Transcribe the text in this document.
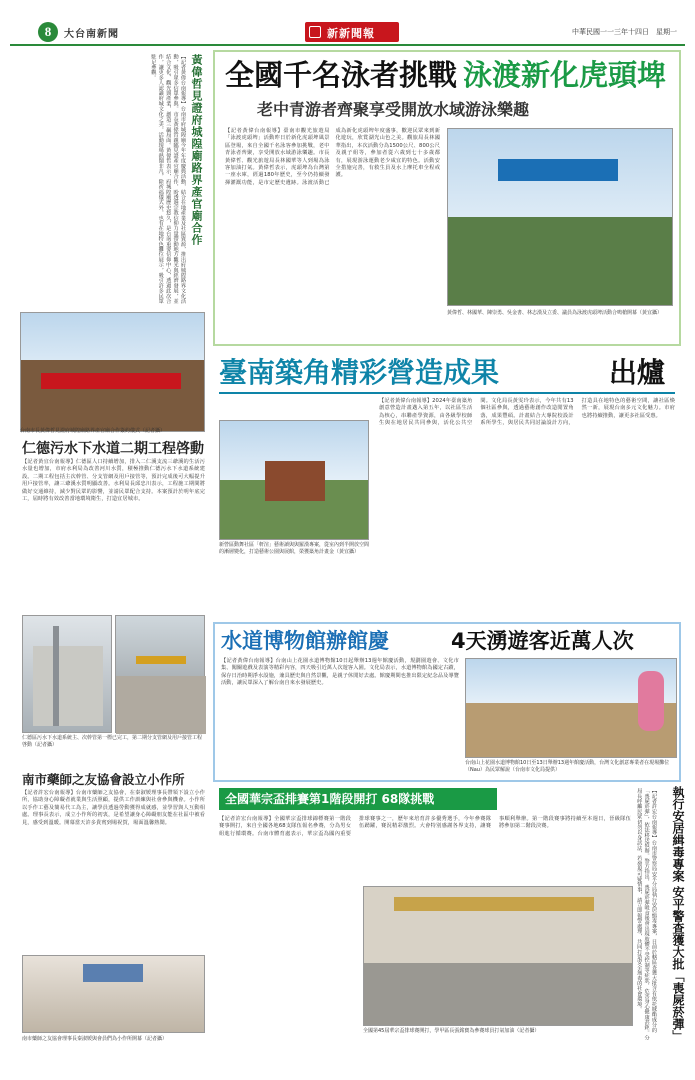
8	大台南新聞	新新聞報	中華民國一一三年十四日　星期一
黃偉哲見證府城隍廟路界產官廟合作
【記者黃偉台南報導】台南市府城隍廟今年年度慶典活動，結合在地產業及社區資源，推出府城隍路界文化活動，吸引眾多信眾參與。市長黃偉哲親臨見證產官廟合作，盼透過宗教信仰力量帶動地方觀光與經濟發展，並結合文化、觀光與產業，創造三贏局面。黃偉哲表示，府城隍廟歷史悠久，是台南重要信仰中心，透過此次合作，讓更多人認識府城文化之美。活動現場熱鬧非凡，除祈福儀式外，也有在地特色攤位展示，吸引許多民眾駐足參觀。
台南市長黃偉哲見證府城隍廟路界產官廟合作簽約儀式（記者攝）
仁德污水下水道二期工程啓動
【記者黃宜台南報導】仁德區人口持續增加，排入二仁溪支流三爺溪的生活污水量也增加，市府水利局為改善河川水質，積極推動仁德污水下水道系統建設。二期工程包括主次幹管、分支管網及用戶接管等，預計完成後可大幅提升用戶接管率，讓三爺溪水質明顯改善。水利局長邱忠川表示，工程施工期間將做好交通維持，減少對民眾的影響，並請民眾配合支持。本案預計於明年底完工，屆時將有效改善當地環境衛生，打造宜居城市。
仁德區污水下水道系統主、次幹管第一標已完工，第二期分支管網及用戶接管工程啓動（記者攝）
南市藥師之友協會設立小作所
【記者許宏台南報導】台南市藥師之友協會，在秦淑媛理事長帶領下設立小作所，協助身心障礙者就業與生活照顧，提供工作訓練與社會參與機會。小作所以手作工藝及簡易代工為主，讓學員透過勞動獲得成就感，並學習與人互動相處。理事長表示，成立小作所的初衷，是希望讓身心障礙朋友能在社區中被看見，感受到溫暖。開幕當天許多貴賓到場祝賀，場面溫馨熱鬧。
南市藥師之友協會理事長秦淑媛與會員們為小作所開幕（記者攝）
全國千名泳者挑戰 泳渡新化虎頭埤
老中青游者齊聚享受開放水域游泳樂趣
【記者黃偉台南報導】臺南市觀光旅遊局「泳渡虎頭埤」活動昨日於新化虎頭埤風景區登場，來自全國千名泳客參加挑戰，老中青泳者齊聚，享受開放水域游泳樂趣。市長黃偉哲、觀光旅遊局長林國華等人到場為泳客加油打氣。黃偉哲表示，虎頭埤為台灣第一座水庫，經過180年歷史，至今仍持續發揮灌溉功能，是市定歷史遺跡。泳渡活動已成為新化虎頭埤年度盛事，歡迎民眾來到新化遊玩，欣賞湖光山色之美。觀旅局長林國華指出，本次活動分為1500公尺、800公尺及親子組等，參加者從六歲到七十多歲都有，展現游泳運動老少咸宜的特色。活動安全措施完善，有救生員及水上摩托車全程戒護。
黃偉哲、林國華、陳崇勇、吳金書、林志漢及立委、議員為泳渡虎頭埤活動合鳴槍開幕（黃宜攝）
臺南築角精彩營造成果	出爐
【記者黃偉台南報導】2024年臺南築角創意營造計畫邁入第五年，以社區生活為核心，串聯產學資源，由各級學校師生與在地居民共同參與，活化公共空間。文化局長黃雯玲表示，今年共有13個社區參與，透過藝術創作改造閒置角落，成果豐碩。計畫結合大專院校設計系所學生，與居民共同討論設計方向，打造具在地特色的藝術空間，讓社區煥然一新，展現台南多元文化魅力。市府也將持續推動，讓更多社區受惠。
新營區動舞社區「軒渲」藝術讀與與羅漢專案，從室內到半開放空間的漸層變化，打造藝術公園與展館，榮獲築角計畫金（黃宜攝）
水道博物館辦館慶	4天湧遊客近萬人次
【記者黃偉台南報導】台南山上花園水道博物館10日起舉辦13週年館慶活動，規劃園遊會、文化市集、闖關遊戲及表演等精彩內容，四天吸引近萬人次遊客入園。文化局表示，水道博物館為國定古蹟，保存日治時期淨水設施，兼具歷史與自然景觀，是親子休閒好去處。館慶期間也推出限定紀念品及導覽活動，讓民眾深入了解台南自來水發展歷史。
台南山上花園水道博物館10日至13日舉辦13週年館慶活動，台灣文化創意專業者在現場攤位（Nau）為民眾解說（台南市文化局提供）
全國華宗盃排賽第1階段開打 68隊挑戰
【記者許宏台南報導】全國華宗盃排球錦標賽第一階段賽事開打，來自全國各地68支隊伍報名參賽，分為男女組進行循環賽。台南市體育處表示，華宗盃為國內重要排球賽事之一，歷年來培育許多優秀選手，今年參賽隊伍踴躍，賽況精彩激烈。大會特別感謝各界支持，讓賽事順利舉辦。第一階段賽事將持續至本週日，晉級隊伍將參加第二階段決賽。
全國第45屆華宗盃排球賽開打，學甲區長張銘寶為參賽球員打氣加油（記者攝）	執行安居緝毒專案 安平警查獲大批「喪屍菸彈」
【記者許宏台南報導】台南市警察局安平分局執行安居緝毒專案，日前於轄區查獲大批含有依托咪酯成分的「喪屍菸彈」，依法移送偵辦。警方指出，喪屍菸彈吸食後會出現肢體不受控制等症狀，危害身心健康甚鉅。分局長呼籲民眾切勿以身試法，若發現可疑情事，請立即報警處理，共同打造安全無毒的社會環境。
